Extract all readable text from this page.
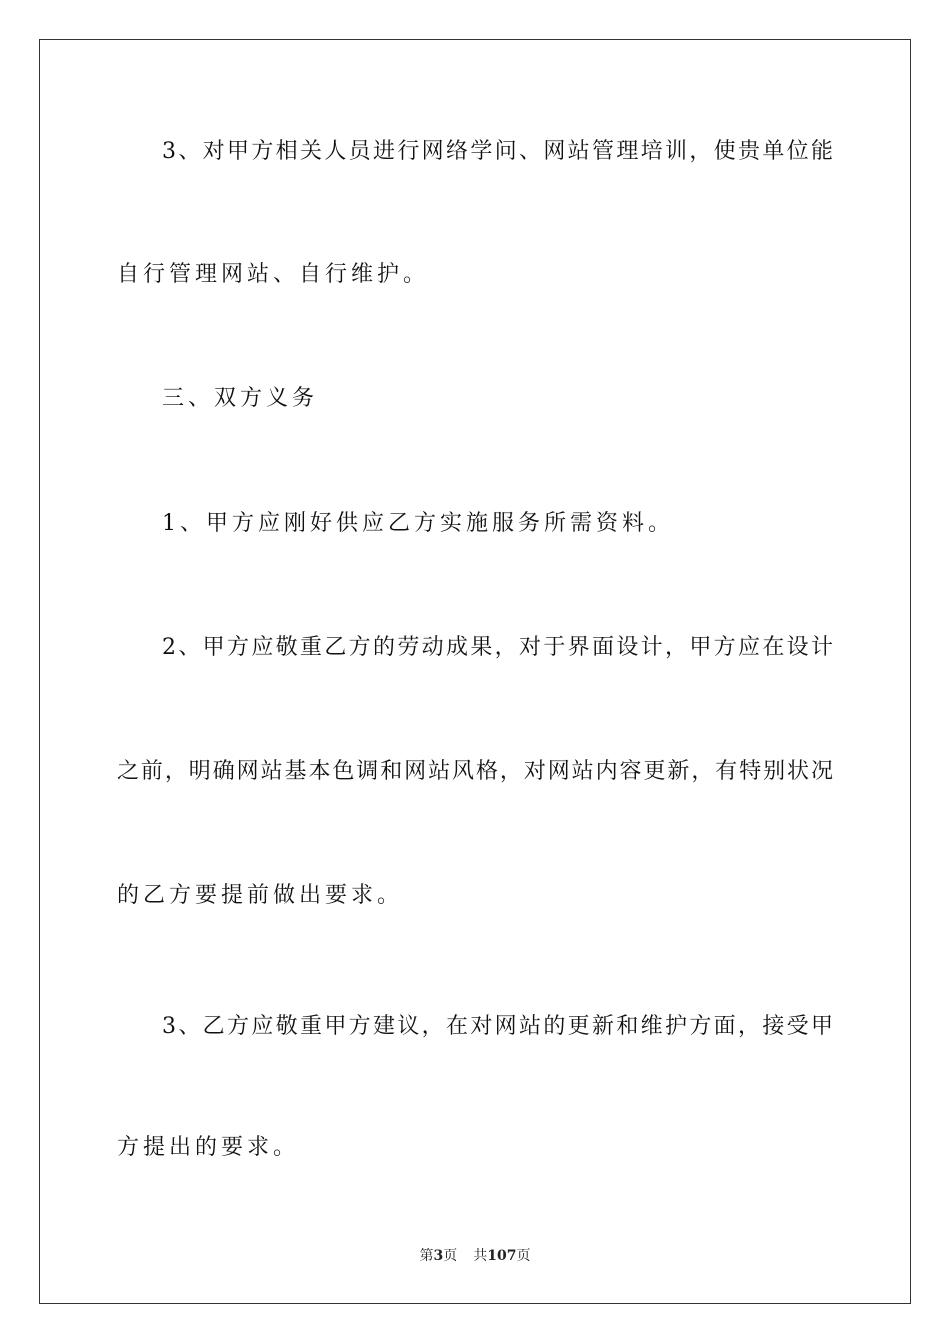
3、对甲方相关人员进行网络学问、网站管理培训，使贵单位能
自行管理网站、自行维护。
三、双方义务
1、甲方应刚好供应乙方实施服务所需资料。
2、甲方应敬重乙方的劳动成果，对于界面设计，甲方应在设计
之前，明确网站基本色调和网站风格，对网站内容更新，有特别状况
的乙方要提前做出要求。
3、乙方应敬重甲方建议，在对网站的更新和维护方面，接受甲
方提出的要求。
第3页 共107页
